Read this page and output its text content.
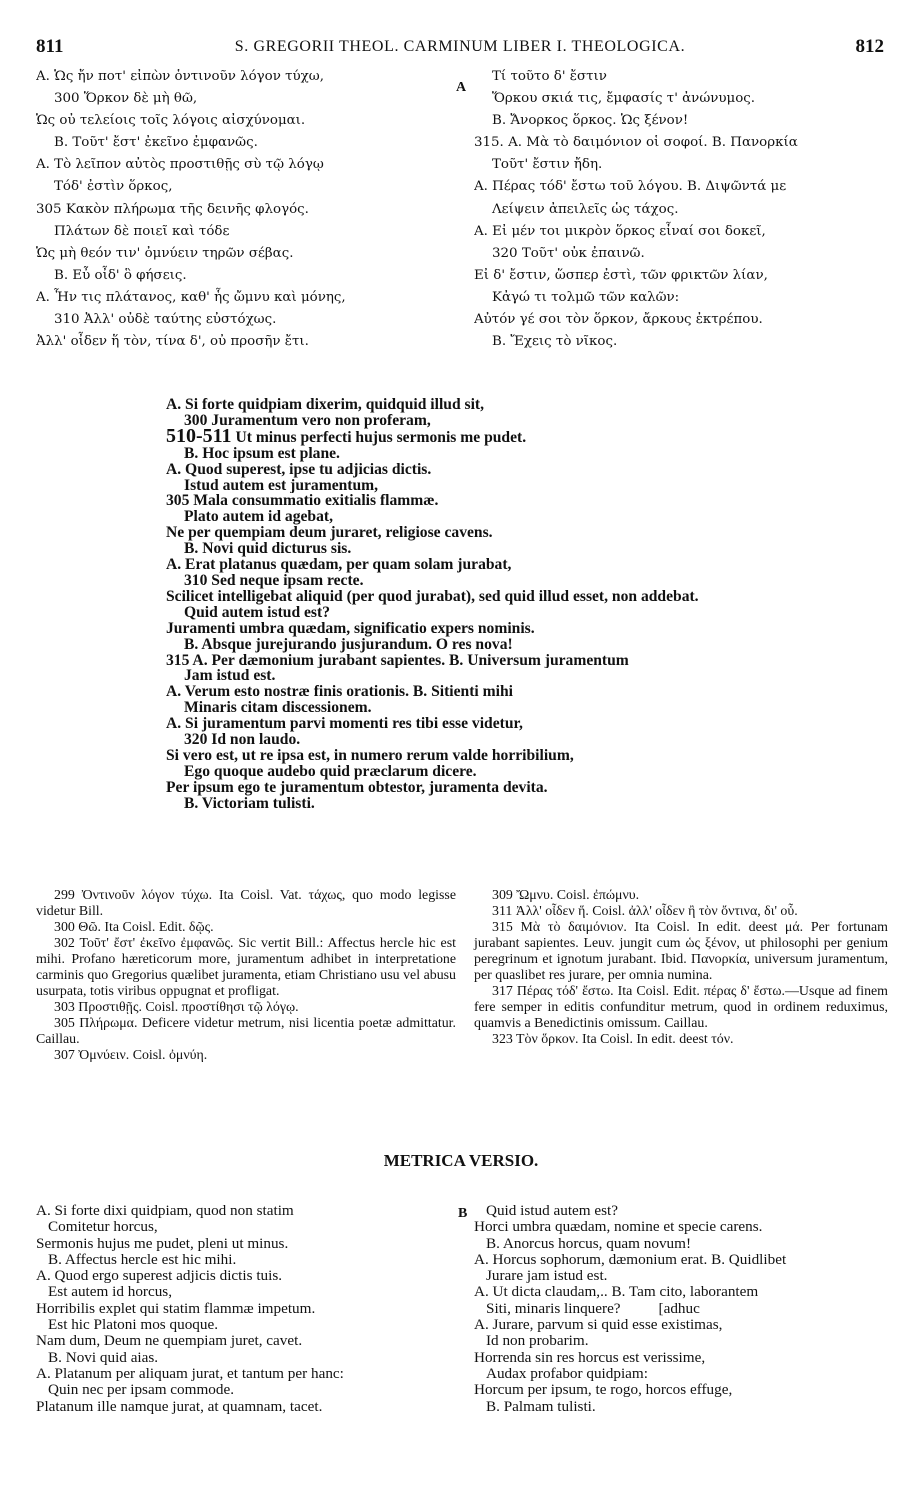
811	S. GREGORII THEOL. CARMINUM LIBER I. THEOLOGICA.	812
A. Ὡς ἤν ποτ' εἰπὼν ὁντινοῦν λόγον τύχω,
300 Ὅρκον δὲ μὴ θῶ,
Ὡς οὐ τελείοις τοῖς λόγοις αἰσχύνομαι.
B. Τοῦτ' ἔστ' ἐκεῖνο ἐμφανῶς.
A. Τὸ λεῖπον αὐτὸς προστιθῇς σὺ τῷ λόγῳ
Τόδ' ἐστὶν ὅρκος,
305 Κακὸν πλήρωμα τῆς δεινῆς φλογός.
Πλάτων δὲ ποιεῖ καὶ τόδε
Ὡς μὴ θεόν τιν' ὀμνύειν τηρῶν σέβας.
B. Εὖ οἶδ' ὃ φήσεις.
A. Ἦν τις πλάτανος, καθ' ἧς ὤμνυ καὶ μόνης,
310 Ἀλλ' οὐδὲ ταύτης εὐστόχως.
Ἀλλ' οἶδεν ἥ τὸν, τίνα δ', οὐ προσῆν ἔτι.
A
Τί τοῦτο δ' ἔστιν
Ὅρκου σκιά τις, ἔμφασίς τ' ἀνώνυμος.
B. Ἄνορκος ὅρκος. Ὡς ξένον!
315. A. Μὰ τὸ δαιμόνιον οἱ σοφοί. B. Πανορκία
Τοῦτ' ἔστιν ἤδη.
A. Πέρας τόδ' ἔστω τοῦ λόγου. B. Διψῶντά με
Λείψειν ἀπειλεῖς ὡς τάχος.
A. Εἰ μέν τοι μικρὸν ὅρκος εἶναί σοι δοκεῖ,
320 Τοῦτ' οὐκ ἐπαινῶ.
Εἰ δ' ἔστιν, ὥσπερ ἐστὶ, τῶν φρικτῶν λίαν,
Κἀγώ τι τολμῶ τῶν καλῶν:
Αὐτόν γέ σοι τὸν ὅρκον, ἄρκους ἐκτρέπου.
B. Ἔχεις τὸ νῖκος.
A. Si forte quidpiam dixerim, quidquid illud sit,
300 Juramentum vero non proferam,
510-511 Ut minus perfecti hujus sermonis me pudet.
B. Hoc ipsum est plane.
A. Quod superest, ipse tu adjicias dictis.
Istud autem est juramentum,
305 Mala consummatio exitialis flammæ.
Plato autem id agebat,
Ne per quempiam deum juraret, religiose cavens.
B. Novi quid dicturus sis.
A. Erat platanus quædam, per quam solam jurabat,
310 Sed neque ipsam recte.
Scilicet intelligebat aliquid (per quod jurabat), sed quid illud esset, non addebat.
Quid autem istud est?
Juramenti umbra quædam, significatio expers nominis.
B. Absque jurejurando jusjurandum. O res nova!
315 A. Per dæmonium jurabant sapientes. B. Universum juramentum
Jam istud est.
A. Verum esto nostræ finis orationis. B. Sitienti mihi
Minaris citam discessionem.
A. Si juramentum parvi momenti res tibi esse videtur,
320 Id non laudo.
Si vero est, ut re ipsa est, in numero rerum valde horribilium,
Ego quoque audebo quid præclarum dicere.
Per ipsum ego te juramentum obtestor, juramenta devita.
B. Victoriam tulisti.
299 Ὀντινοῦν λόγον τύχω. Ita Coisl. Vat. τάχως, quo modo legisse videtur Bill.
300 Θῶ. Ita Coisl. Edit. δῷς.
302 Τοῦτ' ἔστ' ἐκεῖνο ἐμφανῶς. Sic vertit Bill.: Affectus hercle hic est mihi. Profano hæreticorum more, juramentum adhibet in interpretatione carminis quo Gregorius quælibet juramenta, etiam Christiano usu vel abusu usurpata, totis viribus oppugnat et profligat.
303 Προστιθῇς. Coisl. προστίθησι τῷ λόγῳ.
305 Πλήρωμα. Deficere videtur metrum, nisi licentia poetæ admittatur. Caillau.
307 Ὀμνύειν. Coisl. ὀμνύη.
309 Ὤμνυ. Coisl. ἐπώμνυ.
311 Ἀλλ' οἶδεν ἥ. Coisl. ἀλλ' οἶδεν ἢ τὸν ὄντινα, δι' οὗ.
315 Μὰ τὸ δαιμόνιον. Ita Coisl. In edit. deest μά. Per fortunam jurabant sapientes. Leuv. jungit cum ὡς ξένον, ut philosophi per genium peregrinum et ignotum jurabant. Ibid. Πανορκία, universum juramentum, per quaslibet res jurare, per omnia numina.
317 Πέρας τόδ' ἔστω. Ita Coisl. Edit. πέρας δ' ἔστω.—Usque ad finem fere semper in editis confunditur metrum, quod in ordinem reduximus, quamvis a Benedictinis omissum. Caillau.
323 Τὸν ὅρκον. Ita Coisl. In edit. deest τόν.
METRICA VERSIO.
A. Si forte dixi quidpiam, quod non statim
Comitetur horcus,
Sermonis hujus me pudet, pleni ut minus.
B. Affectus hercle est hic mihi.
A. Quod ergo superest adjicis dictis tuis.
Est autem id horcus,
Horribilis explet qui statim flammæ impetum.
Est hic Platoni mos quoque.
Nam dum, Deum ne quempiam juret, cavet.
B. Novi quid aias.
A. Platanum per aliquam jurat, et tantum per hanc:
Quin nec per ipsam commode.
Platanum ille namque jurat, at quamnam, tacet.
B	Quid istud autem est?
Horci umbra quædam, nomine et specie carens.
B. Anorcus horcus, quam novum!
A. Horcus sophorum, dæmonium erat. B. Quidlibet
Jurare jam istud est.
A. Ut dicta claudam,.. B. Tam cito, laborantem
Siti, minaris linquere?          [adhuc
A. Jurare, parvum si quid esse existimas,
Id non probarim.
Horrenda sin res horcus est verissime,
Audax profabor quidpiam:
Horcum per ipsum, te rogo, horcos effuge,
B. Palmam tulisti.
